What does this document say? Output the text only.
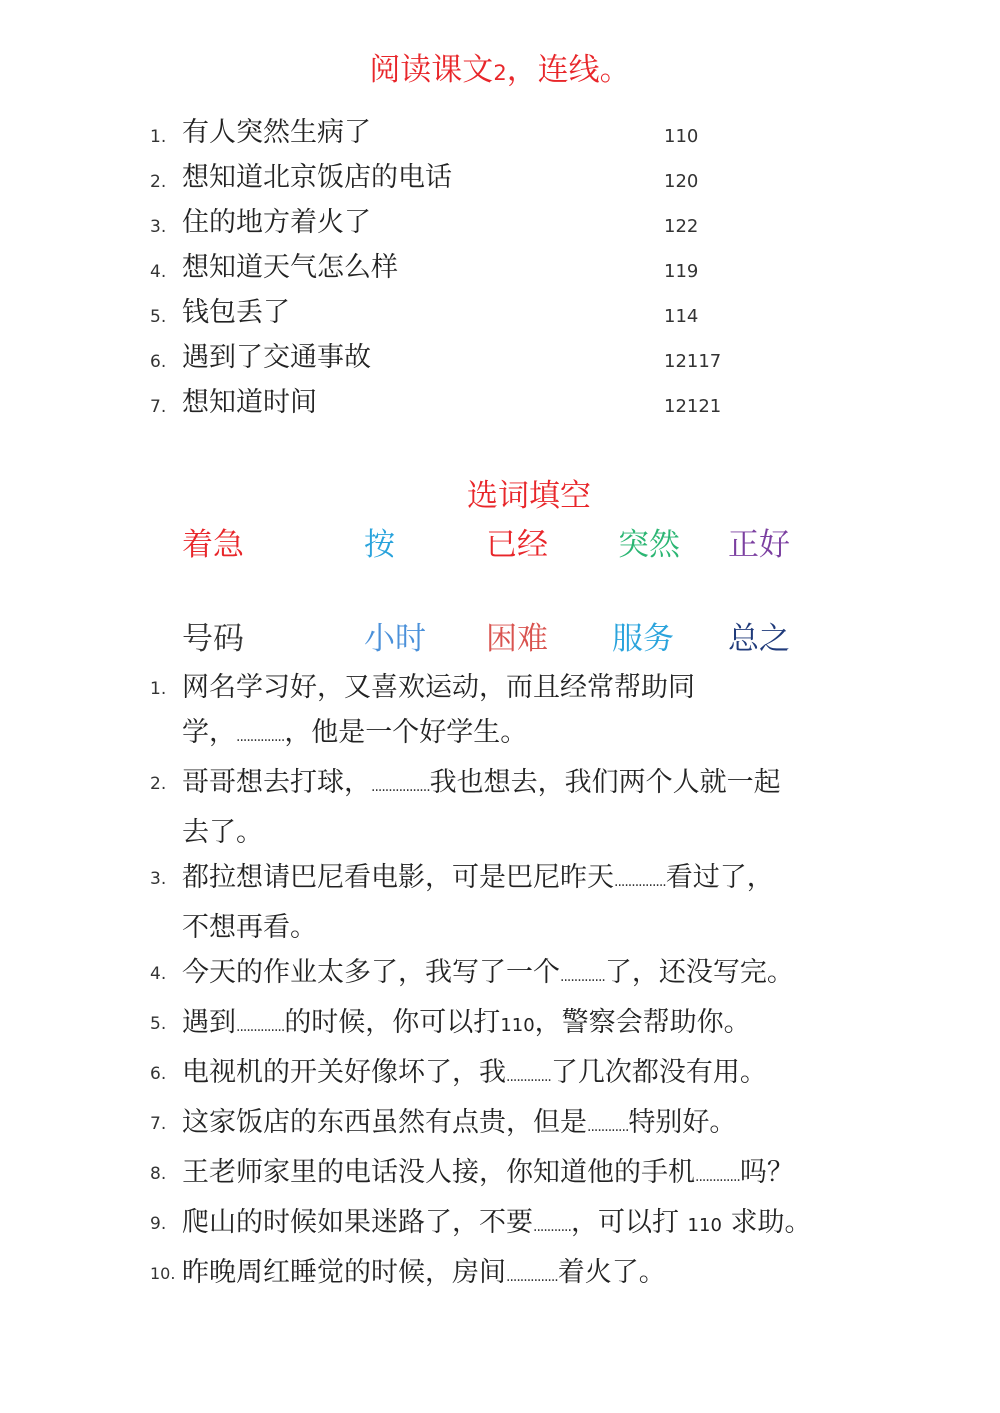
阅读课文2，连线。
1. 有人突然生病了	110
2. 想知道北京饭店的电话	120
3. 住的地方着火了	122
4. 想知道天气怎么样	119
5. 钱包丢了	114
6. 遇到了交通事故	12117
7. 想知道时间	12121
选词填空
着急	按	已经 突然 正好
号码	小时 困难 服务 总之
1. 网名学习好，又喜欢运动，而且经常帮助同
学，..............，他是一个好学生。
2. 哥哥想去打球，.................我也想去，我们两个人就一起
去了。
3. 都拉想请巴尼看电影，可是巴尼昨天...............看过了，
不想再看。
4. 今天的作业太多了，我写了一个.............了，还没写完。
5. 遇到..............的时候，你可以打110，警察会帮助你。
6. 电视机的开关好像坏了，我.............了几次都没有用。
7. 这家饭店的东西虽然有点贵，但是............特别好。
8. 王老师家里的电话没人接，你知道他的手机.............吗？
9. 爬山的时候如果迷路了，不要...........，可以打 110 求助。
10. 昨晚周红睡觉的时候，房间...............着火了。
